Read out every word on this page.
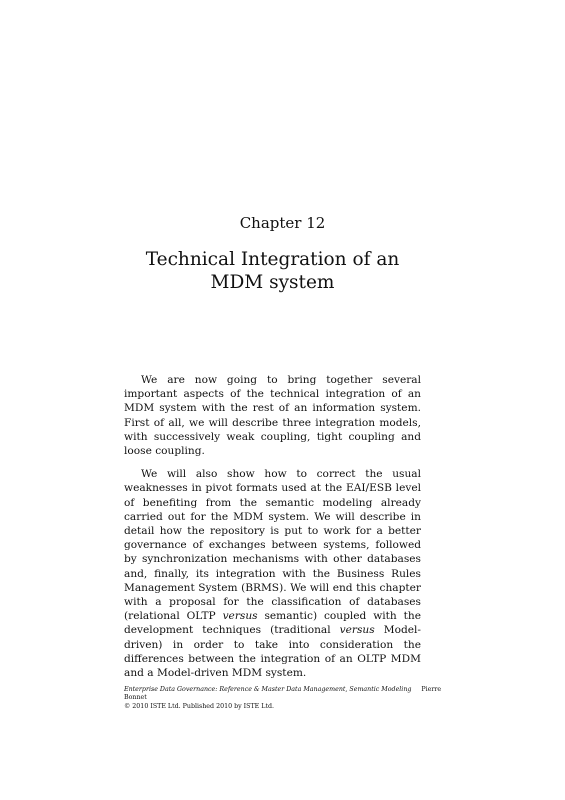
Chapter 12
Technical Integration of an
MDM system

We are now going to bring together several important aspects of the technical integration of an MDM system with the rest of an information system. First of all, we will describe three integration models, with successively weak coupling, tight coupling and loose coupling.

We will also show how to correct the usual weaknesses in pivot formats used at the EAI/ESB level of benefiting from the semantic modeling already carried out for the MDM system. We will describe in detail how the repository is put to work for a better governance of exchanges between systems, followed by synchronization mechanisms with other databases and, finally, its integration with the Business Rules Management System (BRMS). We will end this chapter with a proposal for the classification of databases (relational OLTP versus semantic) coupled with the development techniques (traditional versus Model-driven) in order to take into consideration the differences between the integration of an OLTP MDM and a Model-driven MDM system.

Enterprise Data Governance: Reference & Master Data Management, Semantic Modeling Pierre Bonnet
© 2010 ISTE Ltd. Published 2010 by ISTE Ltd.
